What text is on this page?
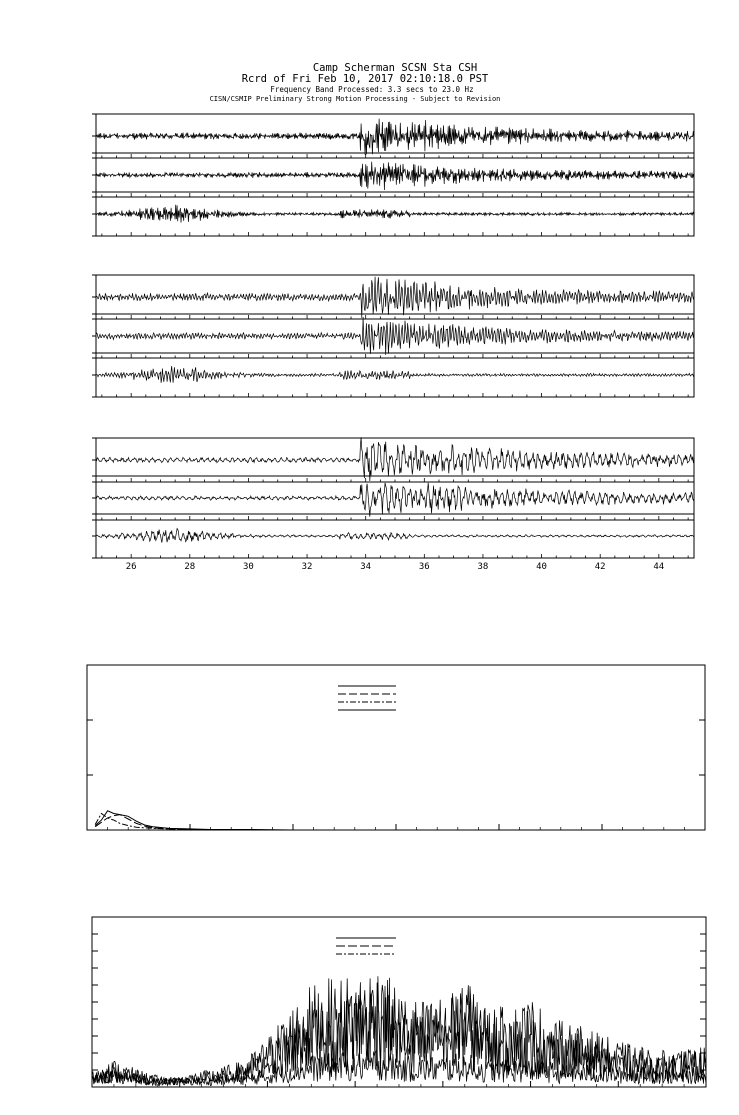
Camp Scherman SCSN Sta CSH
Rcrd of Fri Feb 10, 2017 02:10:18.0 PST
Frequency Band Processed: 3.3 secs to 23.0 Hz
CISN/CSMIP Preliminary Strong Motion Processing - Subject to Revision
26	28	30	32	34	36	38	40	42	44
